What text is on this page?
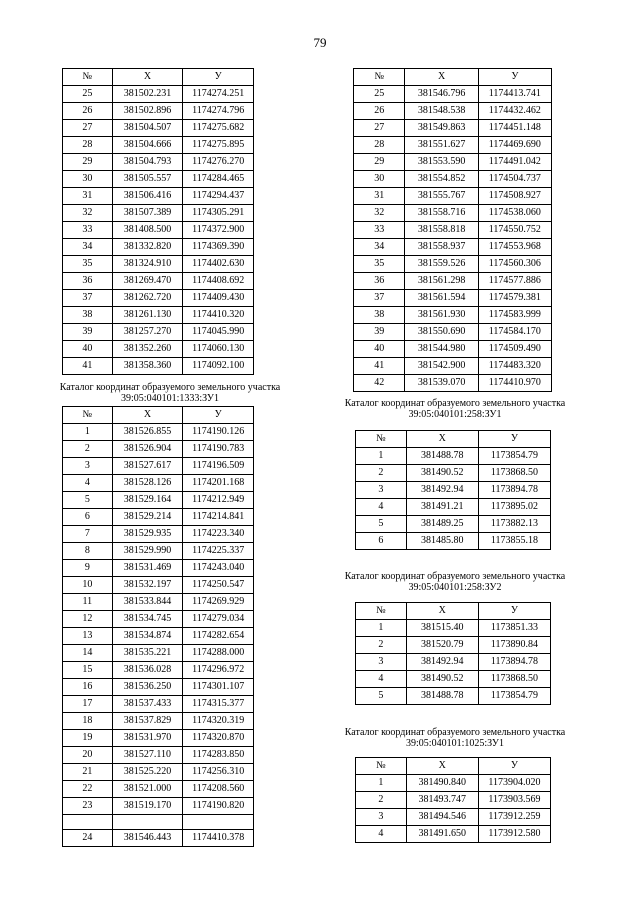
79
№	X	У
25	381502.231	1174274.251
26	381502.896	1174274.796
27	381504.507	1174275.682
28	381504.666	1174275.895
29	381504.793	1174276.270
30	381505.557	1174284.465
31	381506.416	1174294.437
32	381507.389	1174305.291
33	381408.500	1174372.900
34	381332.820	1174369.390
35	381324.910	1174402.630
36	381269.470	1174408.692
37	381262.720	1174409.430
38	381261.130	1174410.320
39	381257.270	1174045.990
40	381352.260	1174060.130
41	381358.360	1174092.100
Каталог координат образуемого земельного участка
39:05:040101:1333:ЗУ1
№	X	У
1	381526.855	1174190.126
2	381526.904	1174190.783
3	381527.617	1174196.509
4	381528.126	1174201.168
5	381529.164	1174212.949
6	381529.214	1174214.841
7	381529.935	1174223.340
8	381529.990	1174225.337
9	381531.469	1174243.040
10	381532.197	1174250.547
11	381533.844	1174269.929
12	381534.745	1174279.034
13	381534.874	1174282.654
14	381535.221	1174288.000
15	381536.028	1174296.972
16	381536.250	1174301.107
17	381537.433	1174315.377
18	381537.829	1174320.319
19	381531.970	1174320.870
20	381527.110	1174283.850
21	381525.220	1174256.310
22	381521.000	1174208.560
23	381519.170	1174190.820

24	381546.443	1174410.378
№	X	У
25	381546.796	1174413.741
26	381548.538	1174432.462
27	381549.863	1174451.148
28	381551.627	1174469.690
29	381553.590	1174491.042
30	381554.852	1174504.737
31	381555.767	1174508.927
32	381558.716	1174538.060
33	381558.818	1174550.752
34	381558.937	1174553.968
35	381559.526	1174560.306
36	381561.298	1174577.886
37	381561.594	1174579.381
38	381561.930	1174583.999
39	381550.690	1174584.170
40	381544.980	1174509.490
41	381542.900	1174483.320
42	381539.070	1174410.970
Каталог координат образуемого земельного участка
39:05:040101:258:ЗУ1
№	X	У
1	381488.78	1173854.79
2	381490.52	1173868.50
3	381492.94	1173894.78
4	381491.21	1173895.02
5	381489.25	1173882.13
6	381485.80	1173855.18
Каталог координат образуемого земельного участка
39:05:040101:258:ЗУ2
№	X	У
1	381515.40	1173851.33
2	381520.79	1173890.84
3	381492.94	1173894.78
4	381490.52	1173868.50
5	381488.78	1173854.79
Каталог координат образуемого земельного участка
39:05:040101:1025:ЗУ1
№	X	У
1	381490.840	1173904.020
2	381493.747	1173903.569
3	381494.546	1173912.259
4	381491.650	1173912.580
